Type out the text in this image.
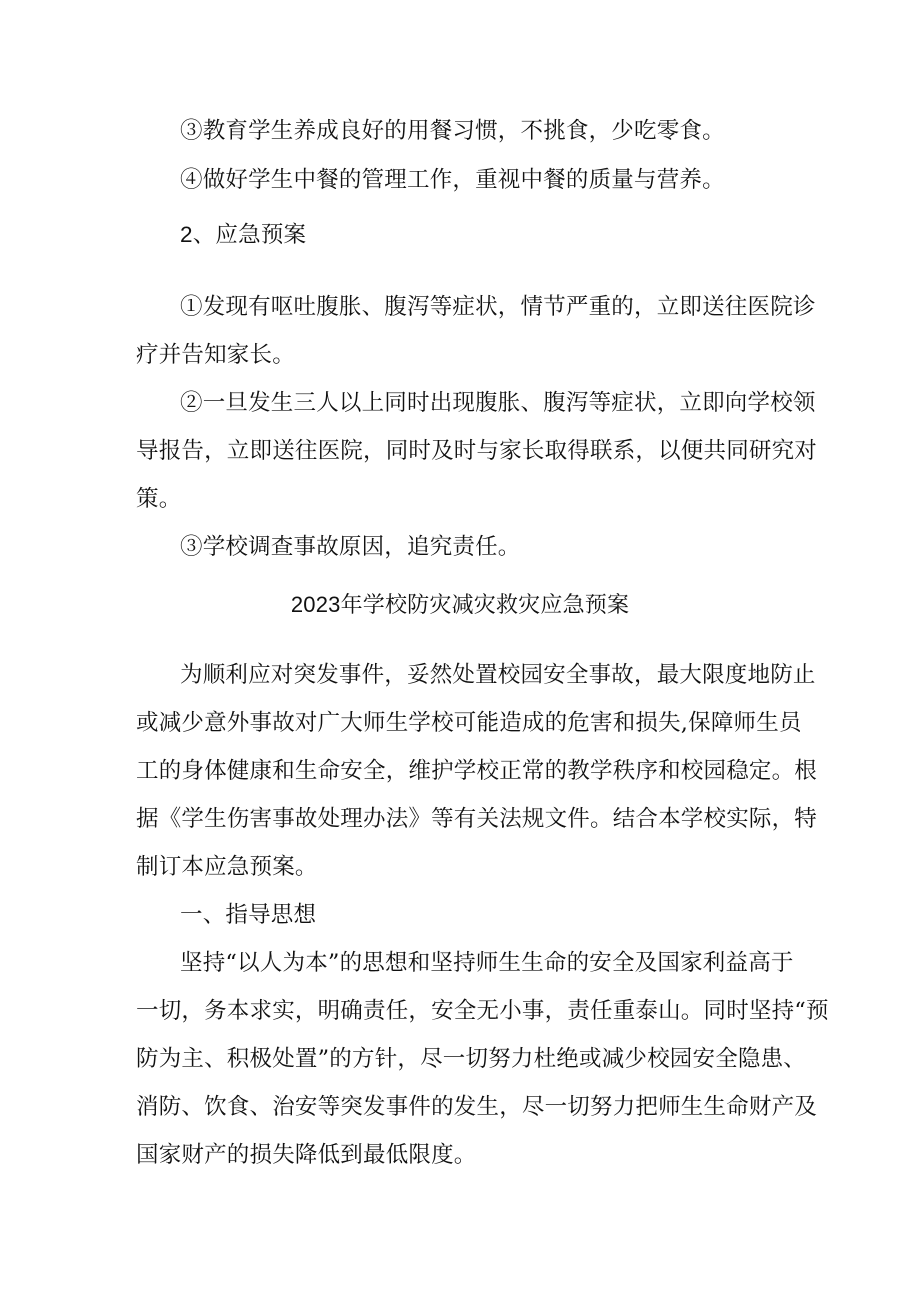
③教育学生养成良好的用餐习惯，不挑食，少吃零食。
④做好学生中餐的管理工作，重视中餐的质量与营养。
2、应急预案
①发现有呕吐腹胀、腹泻等症状，情节严重的，立即送往医院诊
疗并告知家长。
②一旦发生三人以上同时出现腹胀、腹泻等症状，立即向学校领
导报告，立即送往医院，同时及时与家长取得联系，以便共同研究对
策。
③学校调查事故原因，追究责任。
2023年学校防灾减灾救灾应急预案
为顺利应对突发事件，妥然处置校园安全事故，最大限度地防止
或减少意外事故对广大师生学校可能造成的危害和损失,保障师生员
工的身体健康和生命安全，维护学校正常的教学秩序和校园稳定。根
据《学生伤害事故处理办法》等有关法规文件。结合本学校实际，特
制订本应急预案。
一、指导思想
坚持“以人为本”的思想和坚持师生生命的安全及国家利益高于
一切，务本求实，明确责任，安全无小事，责任重泰山。同时坚持“预
防为主、积极处置”的方针，尽一切努力杜绝或减少校园安全隐患、
消防、饮食、治安等突发事件的发生，尽一切努力把师生生命财产及
国家财产的损失降低到最低限度。
